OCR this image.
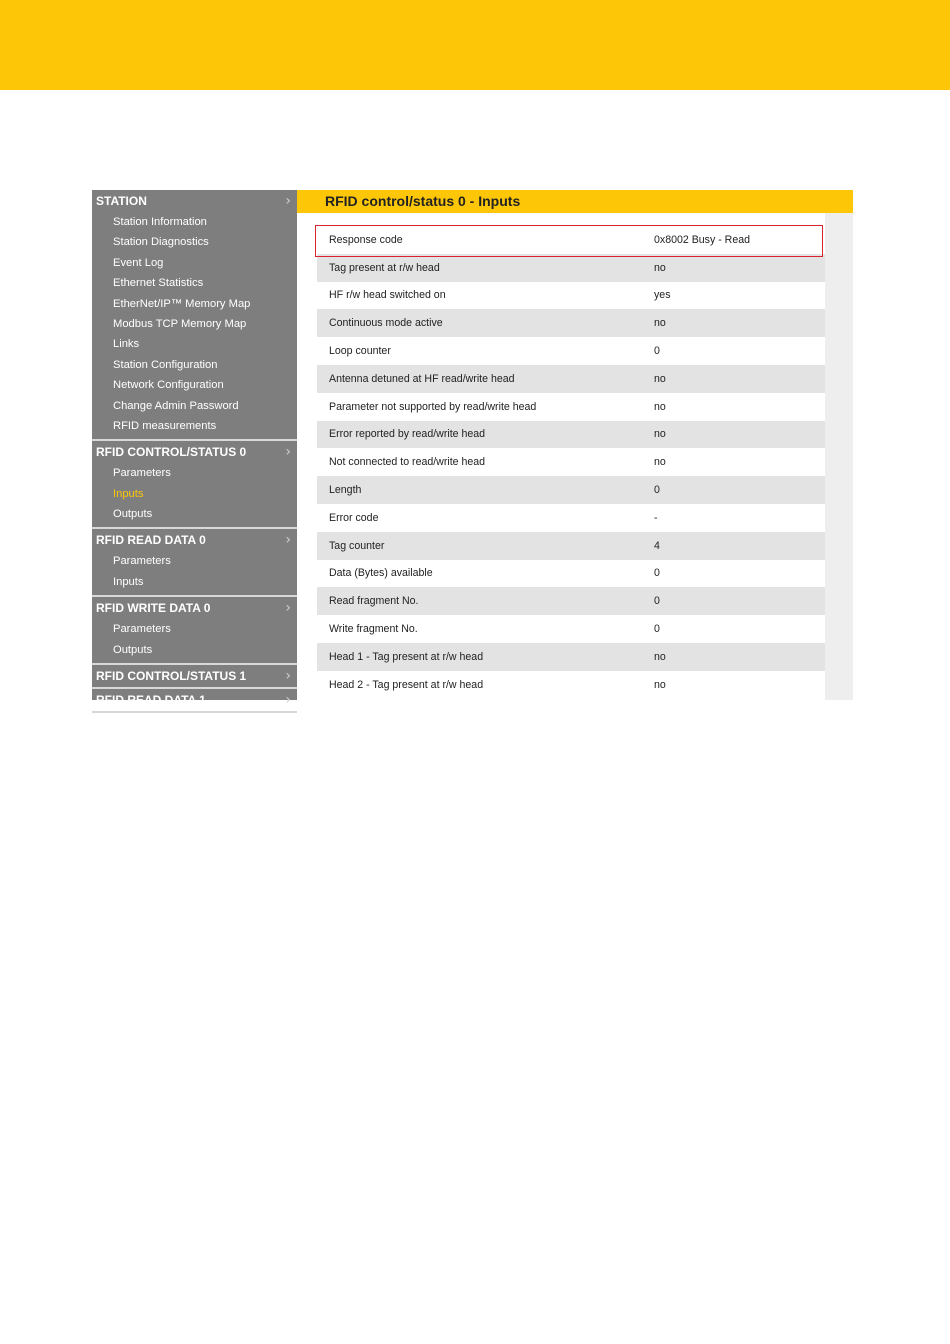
STATION	›
Station Information
Station Diagnostics
Event Log
Ethernet Statistics
EtherNet/IP™ Memory Map
Modbus TCP Memory Map
Links
Station Configuration
Network Configuration
Change Admin Password
RFID measurements
RFID CONTROL/STATUS 0	›
Parameters
Inputs
Outputs
RFID READ DATA 0	›
Parameters
Inputs
RFID WRITE DATA 0	›
Parameters
Outputs
RFID CONTROL/STATUS 1	›
RFID READ DATA 1	›
RFID control/status 0 - Inputs
Response code	0x8002 Busy - Read
Tag present at r/w head	no
HF r/w head switched on	yes
Continuous mode active	no
Loop counter	0
Antenna detuned at HF read/write head	no
Parameter not supported by read/write head	no
Error reported by read/write head	no
Not connected to read/write head	no
Length	0
Error code	-
Tag counter	4
Data (Bytes) available	0
Read fragment No.	0
Write fragment No.	0
Head 1 - Tag present at r/w head	no
Head 2 - Tag present at r/w head	no
